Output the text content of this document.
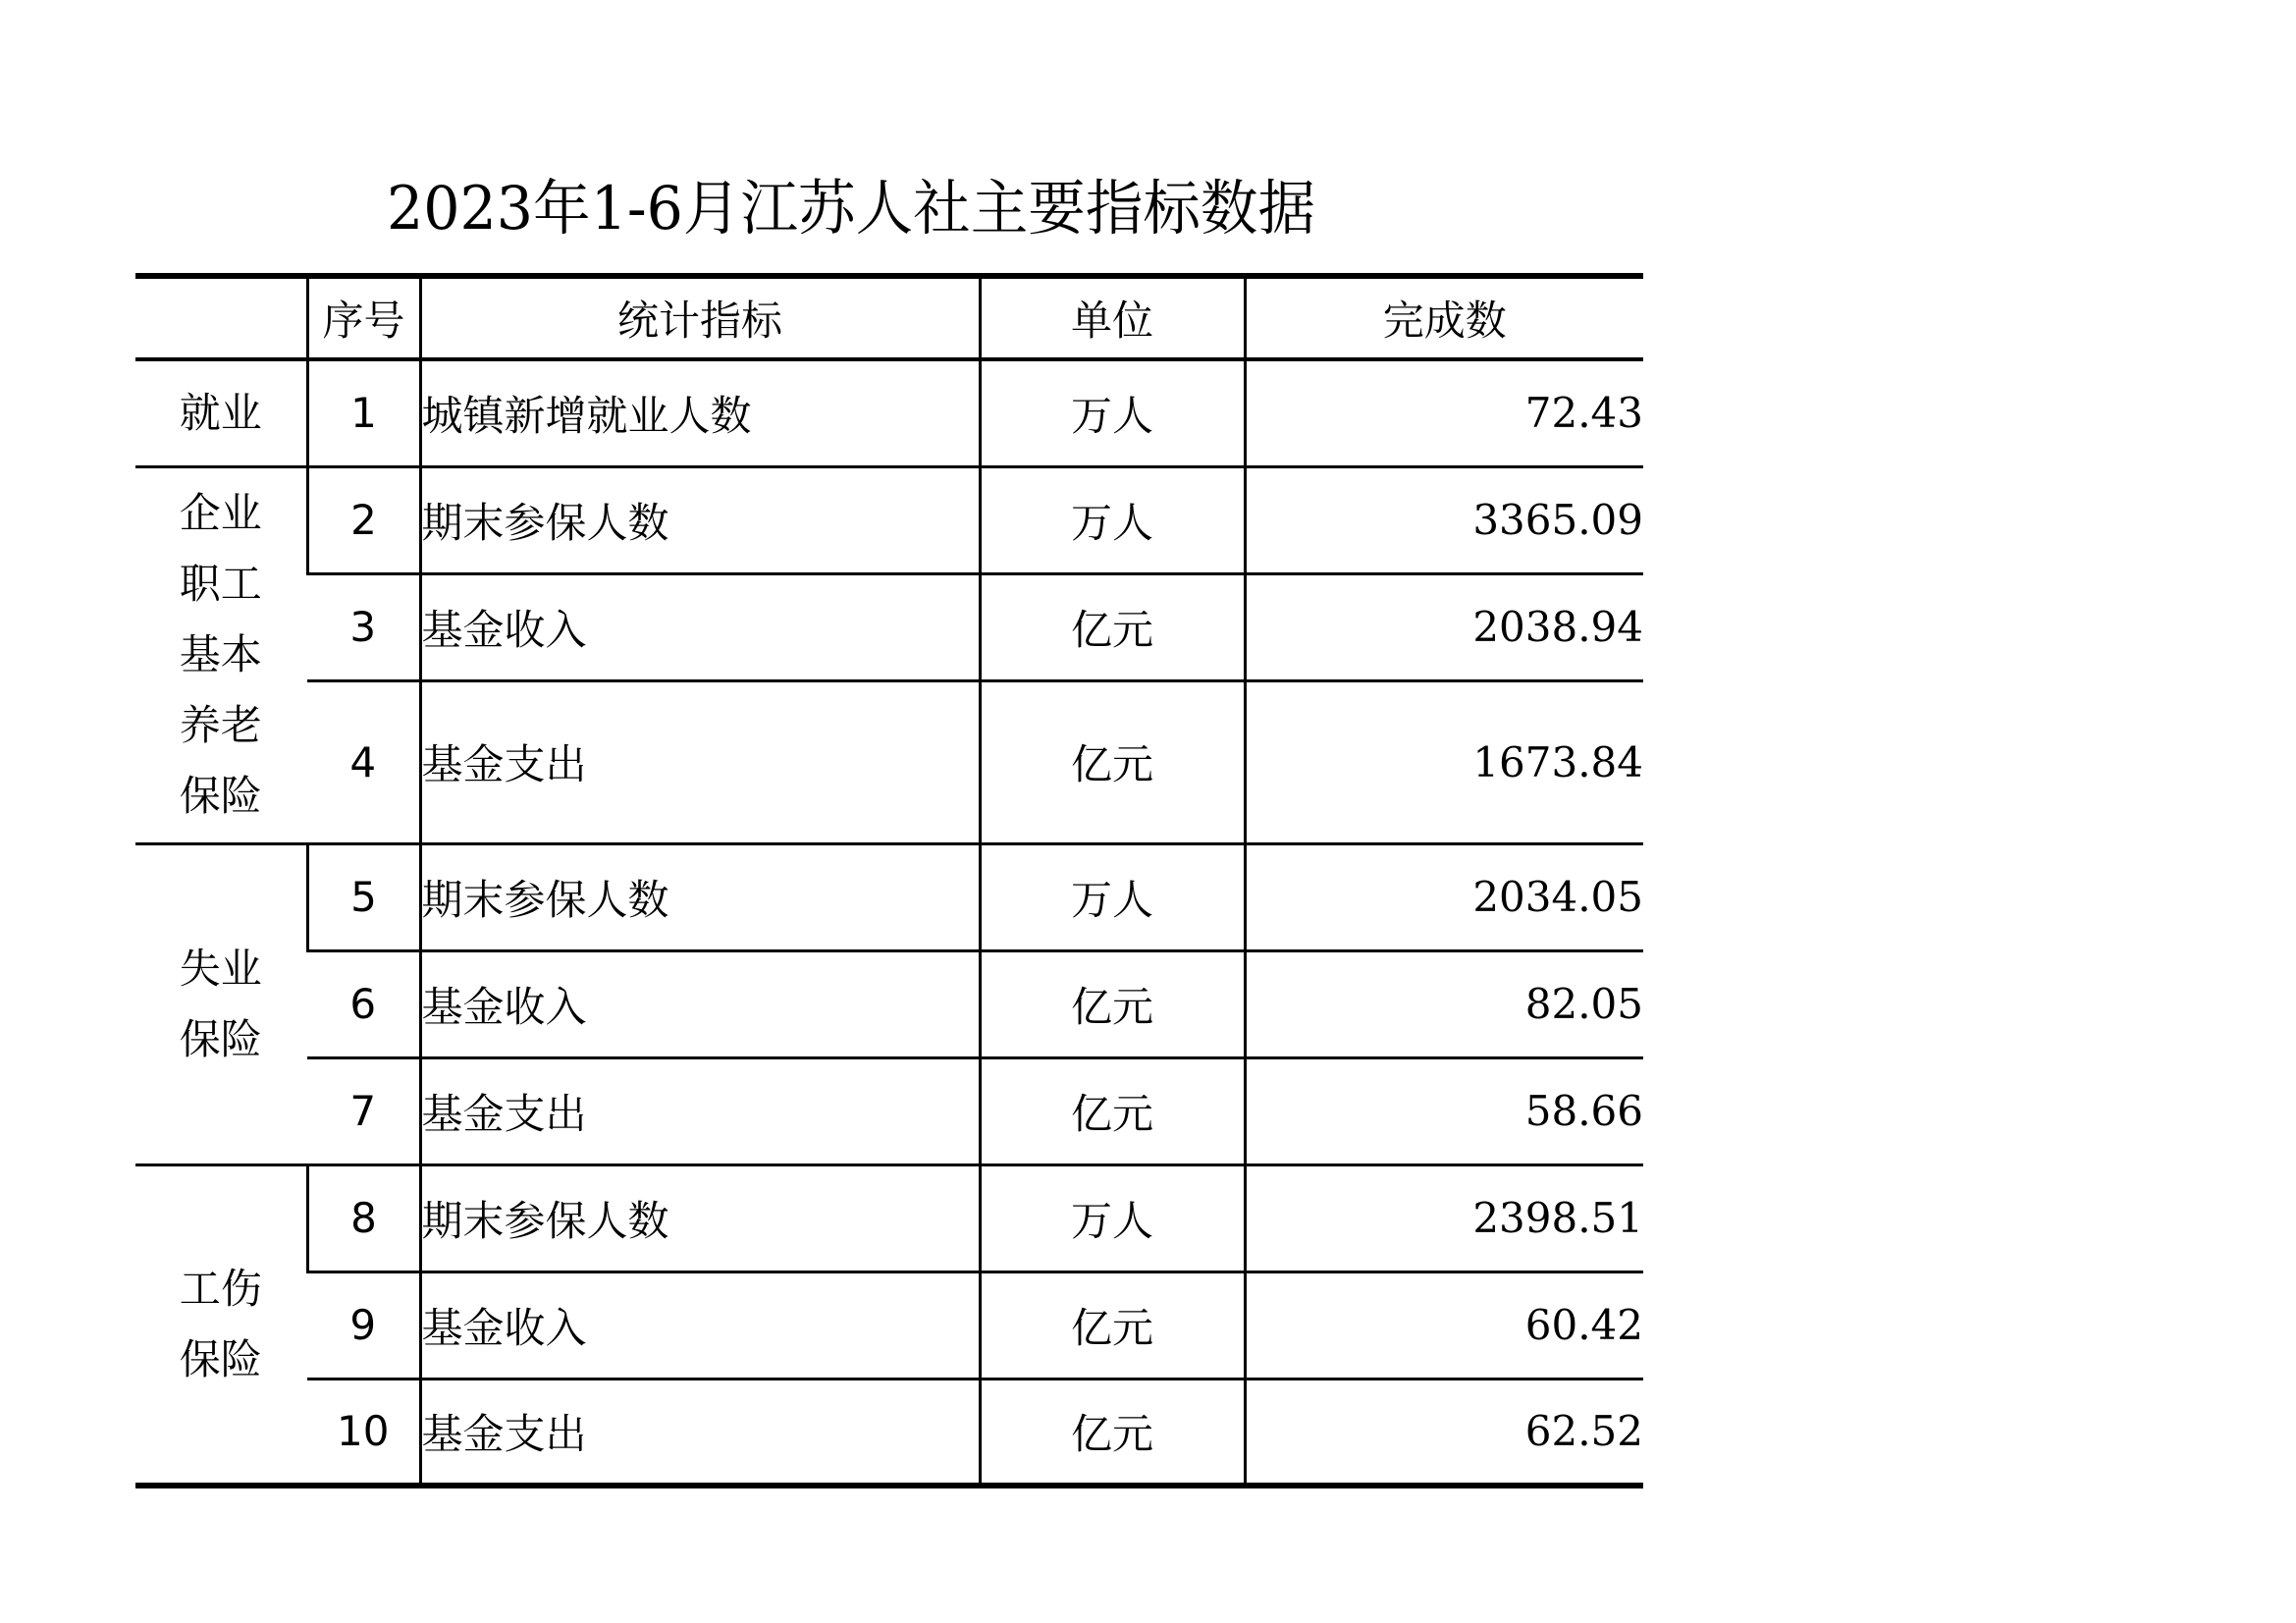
2023年1-6月江苏人社主要指标数据
	序号	统计指标	单位	完成数

就业	1	城镇新增就业人数	万人	72.43

企业
职工
基本
养老
保险	2	期末参保人数	万人	3365.09
	3	基金收入	亿元	2038.94
	4	基金支出	亿元	1673.84

失业
保险	5	期末参保人数	万人	2034.05
	6	基金收入	亿元	82.05
	7	基金支出	亿元	58.66

工伤
保险	8	期末参保人数	万人	2398.51
	9	基金收入	亿元	60.42
	10	基金支出	亿元	62.52
